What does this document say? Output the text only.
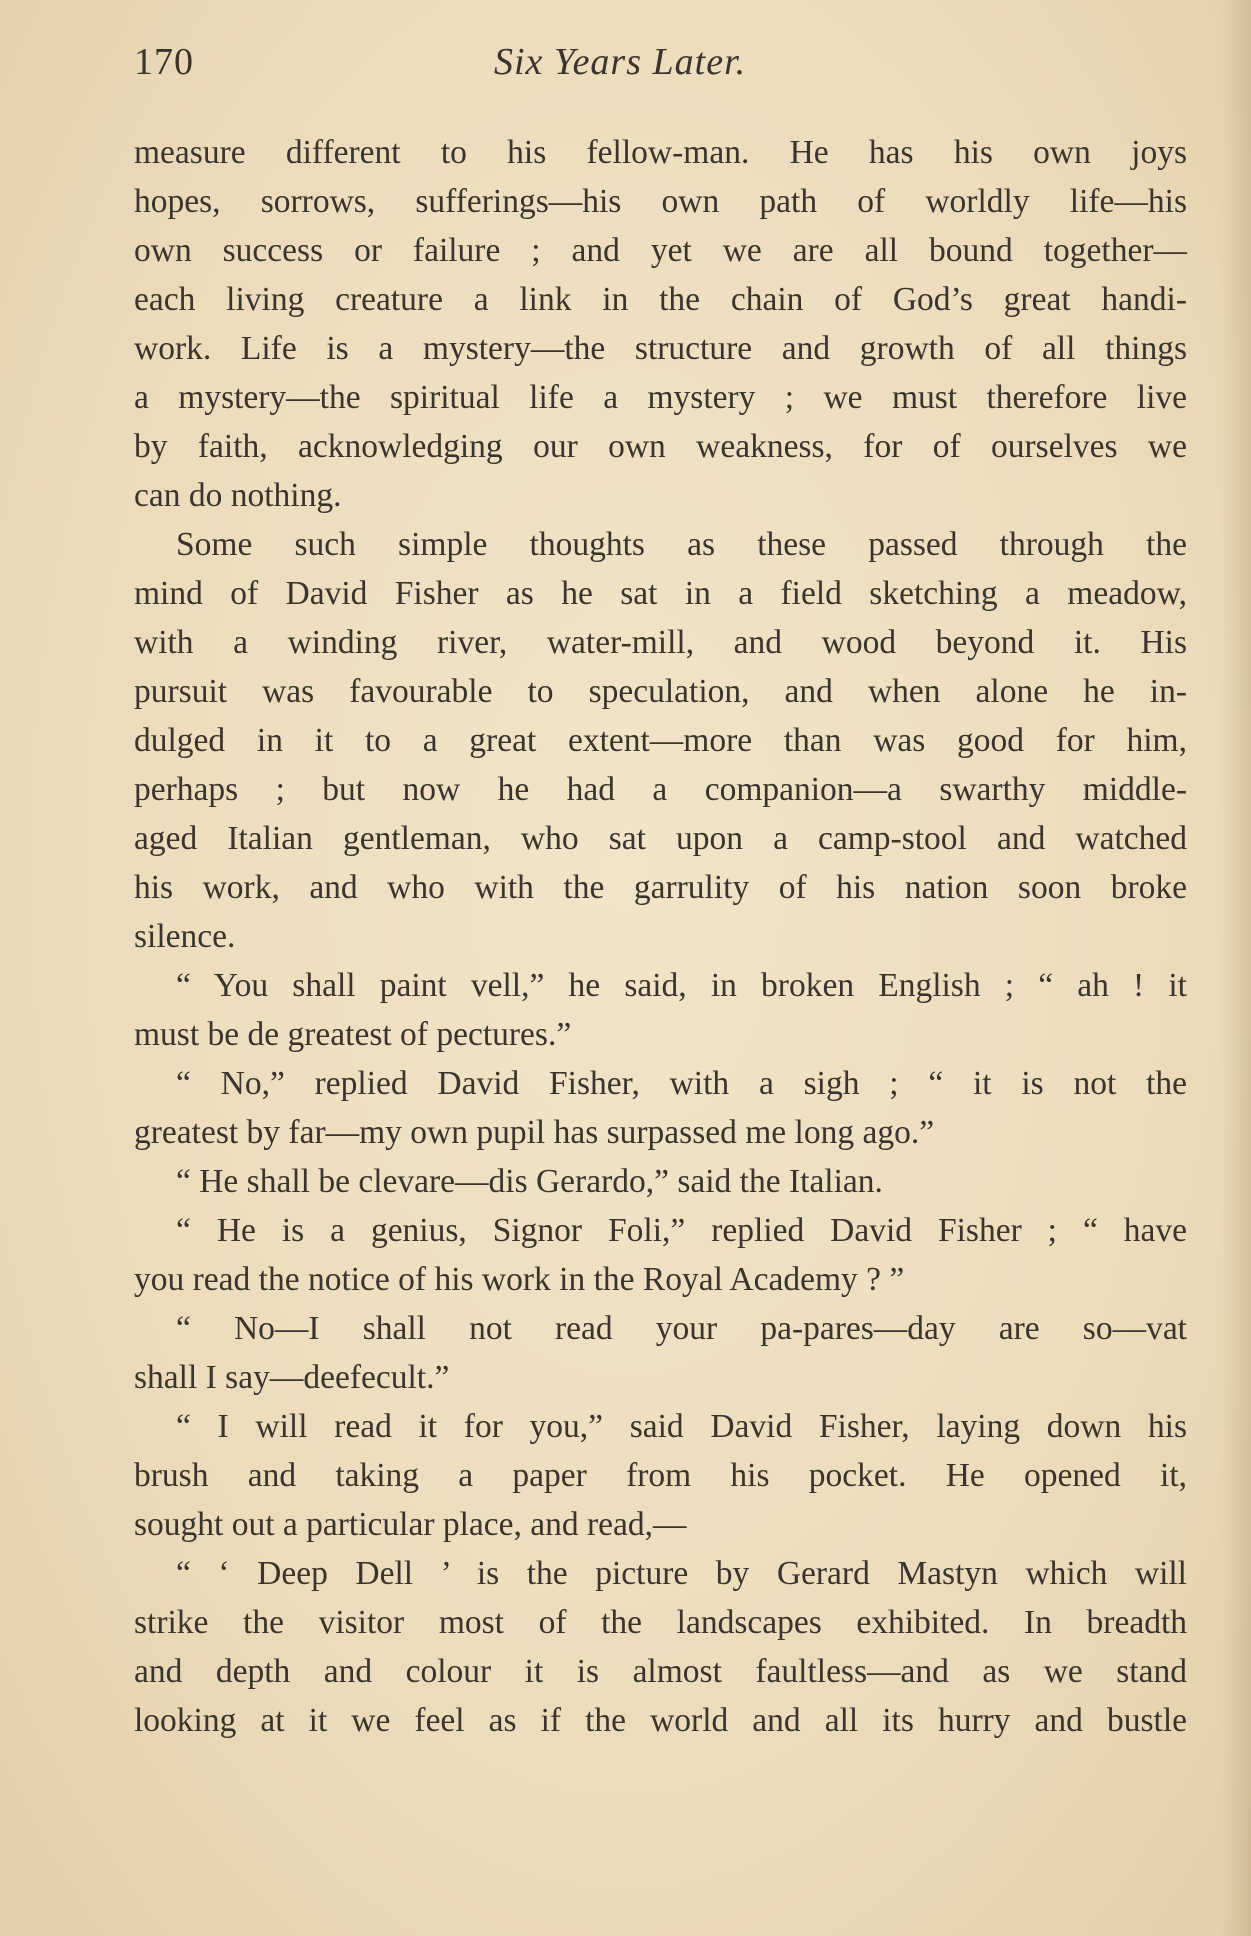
170	Six Years Later.
measure different to his fellow-man. He has his own joys
hopes, sorrows, sufferings—his own path of worldly life—his
own success or failure ; and yet we are all bound together—
each living creature a link in the chain of God’s great handi-
work. Life is a mystery—the structure and growth of all things
a mystery—the spiritual life a mystery ; we must therefore live
by faith, acknowledging our own weakness, for of ourselves we
can do nothing.
Some such simple thoughts as these passed through the
mind of David Fisher as he sat in a field sketching a meadow,
with a winding river, water-mill, and wood beyond it. His
pursuit was favourable to speculation, and when alone he in-
dulged in it to a great extent—more than was good for him,
perhaps ; but now he had a companion—a swarthy middle-
aged Italian gentleman, who sat upon a camp-stool and watched
his work, and who with the garrulity of his nation soon broke
silence.
“ You shall paint vell,” he said, in broken English ; “ ah ! it
must be de greatest of pectures.”
“ No,” replied David Fisher, with a sigh ; “ it is not the
greatest by far—my own pupil has surpassed me long ago.”
“ He shall be clevare—dis Gerardo,” said the Italian.
“ He is a genius, Signor Foli,” replied David Fisher ; “ have
you read the notice of his work in the Royal Academy ? ”
“ No—I shall not read your pa-pares—day are so—vat
shall I say—deefecult.”
“ I will read it for you,” said David Fisher, laying down his
brush and taking a paper from his pocket. He opened it,
sought out a particular place, and read,—
“ ‘ Deep Dell ’ is the picture by Gerard Mastyn which will
strike the visitor most of the landscapes exhibited. In breadth
and depth and colour it is almost faultless—and as we stand
looking at it we feel as if the world and all its hurry and bustle
